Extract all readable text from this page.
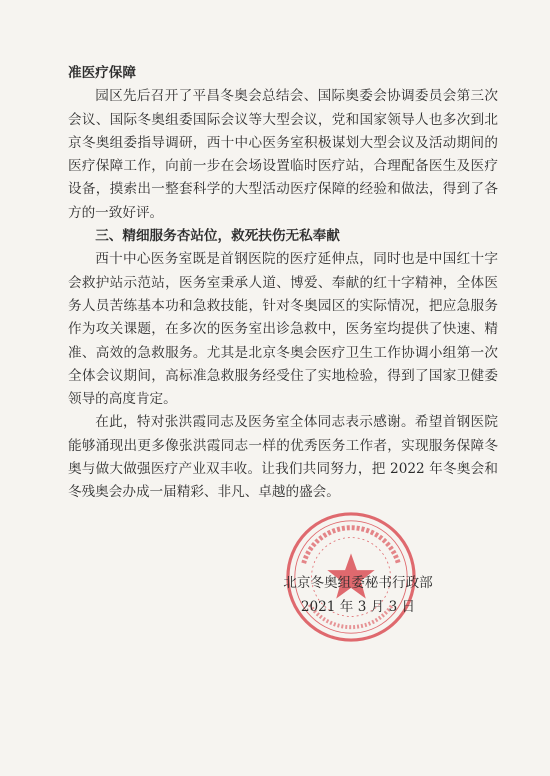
准医疗保障

园区先后召开了平昌冬奥会总结会、国际奥委会协调委员会第三次会议、国际冬奥组委国际会议等大型会议，党和国家领导人也多次到北京冬奥组委指导调研，西十中心医务室积极谋划大型会议及活动期间的医疗保障工作，向前一步在会场设置临时医疗站，合理配备医生及医疗设备，摸索出一整套科学的大型活动医疗保障的经验和做法，得到了各方的一致好评。

三、精细服务杏站位，救死扶伤无私奉献

西十中心医务室既是首钢医院的医疗延伸点，同时也是中国红十字会救护站示范站，医务室秉承人道、博爱、奉献的红十字精神，全体医务人员苦练基本功和急救技能，针对冬奥园区的实际情况，把应急服务作为攻关课题，在多次的医务室出诊急救中，医务室均提供了快速、精准、高效的急救服务。尤其是北京冬奥会医疗卫生工作协调小组第一次全体会议期间，高标准急救服务经受住了实地检验，得到了国家卫健委领导的高度肯定。

在此，特对张洪霞同志及医务室全体同志表示感谢。希望首钢医院能够涌现出更多像张洪霞同志一样的优秀医务工作者，实现服务保障冬奥与做大做强医疗产业双丰收。让我们共同努力，把 2022 年冬奥会和冬残奥会办成一届精彩、非凡、卓越的盛会。

北京冬奥组委秘书行政部
2021 年 3 月 3 日
